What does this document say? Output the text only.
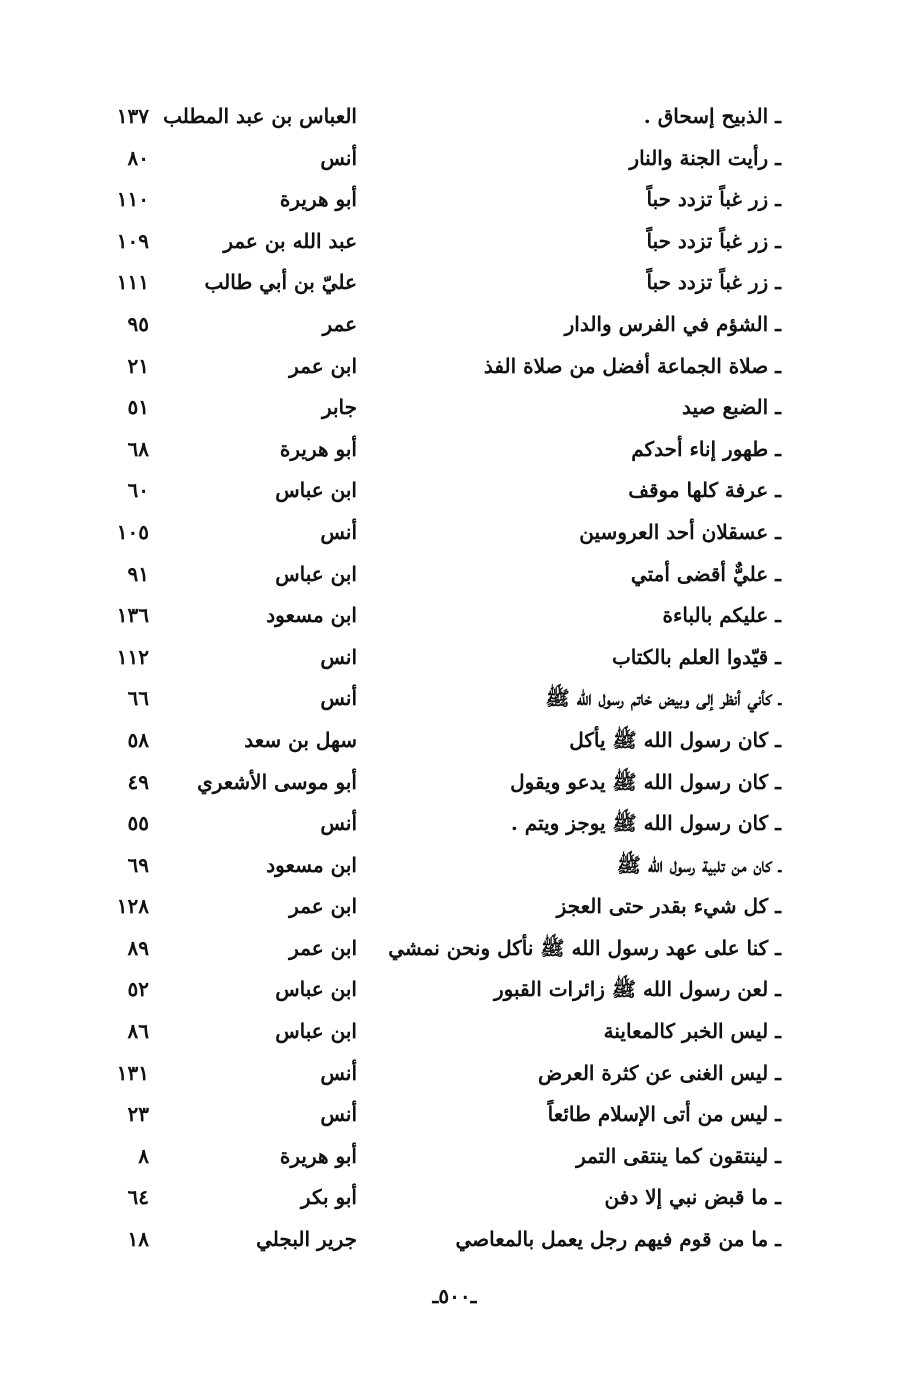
ـ الذبيح إسحاق .
العباس بن عبد المطلب
١٣٧
ـ رأيت الجنة والنار
أنس
٨٠
ـ زر غباً تزدد حباً
أبو هريرة
١١٠
ـ زر غباً تزدد حباً
عبد الله بن عمر
١٠٩
ـ زر غباً تزدد حباً
عليّ بن أبي طالب
١١١
ـ الشؤم في الفرس والدار
عمر
٩٥
ـ صلاة الجماعة أفضل من صلاة الفذ
ابن عمر
٢١
ـ الضبع صيد
جابر
٥١
ـ طهور إناء أحدكم
أبو هريرة
٦٨
ـ عرفة كلها موقف
ابن عباس
٦٠
ـ عسقلان أحد العروسين
أنس
١٠٥
ـ عليٌّ أقضى أمتي
ابن عباس
٩١
ـ عليكم بالباءة
ابن مسعود
١٣٦
ـ قيّدوا العلم بالكتاب
انس
١١٢
ـ كأني أنظر إلى وبيض خاتم رسول الله ﷺ
أنس
٦٦
ـ كان رسول الله ﷺ يأكل
سهل بن سعد
٥٨
ـ كان رسول الله ﷺ يدعو ويقول
أبو موسى الأشعري
٤٩
ـ كان رسول الله ﷺ يوجز ويتم .
أنس
٥٥
ـ كان من تلبية رسول الله ﷺ
ابن مسعود
٦٩
ـ كل شيء بقدر حتى العجز
ابن عمر
١٢٨
ـ كنا على عهد رسول الله ﷺ نأكل ونحن نمشي
ابن عمر
٨٩
ـ لعن رسول الله ﷺ زائرات القبور
ابن عباس
٥٢
ـ ليس الخبر كالمعاينة
ابن عباس
٨٦
ـ ليس الغنى عن كثرة العرض
أنس
١٣١
ـ ليس من أتى الإسلام طائعاً
أنس
٢٣
ـ لينتقون كما ينتقى التمر
أبو هريرة
٨
ـ ما قبض نبي إلا دفن
أبو بكر
٦٤
ـ ما من قوم فيهم رجل يعمل بالمعاصي
جرير البجلي
١٨
ـ٥٠٠ـ
